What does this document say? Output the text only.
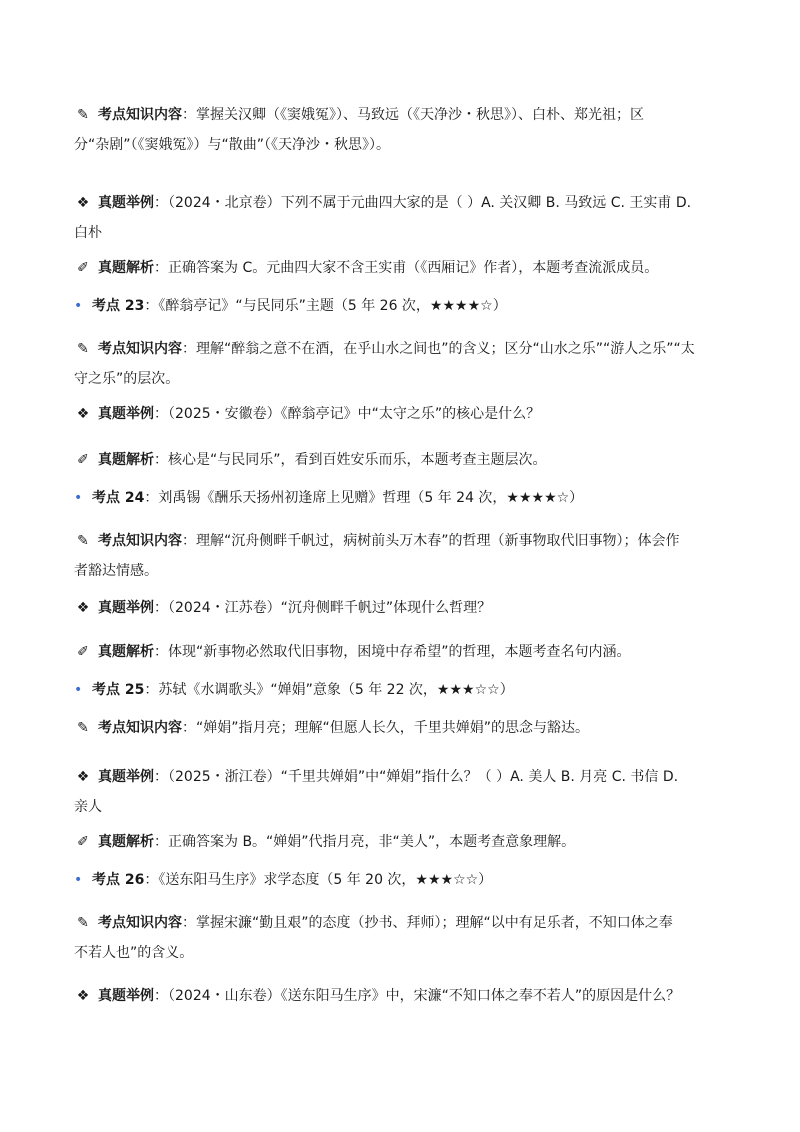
✎ 考点知识内容：掌握关汉卿（《窦娥冤》）、马致远（《天净沙・秋思》）、白朴、郑光祖；区
分“杂剧”（《窦娥冤》）与“散曲”（《天净沙・秋思》）。
❖ 真题举例：（2024・北京卷）下列不属于元曲四大家的是（ ）A. 关汉卿 B. 马致远 C. 王实甫 D.
白朴
✐ 真题解析：正确答案为 C。元曲四大家不含王实甫（《西厢记》作者），本题考查流派成员。
• 考点 23：《醉翁亭记》“与民同乐”主题（5 年 26 次，★★★★☆）
✎ 考点知识内容：理解“醉翁之意不在酒，在乎山水之间也”的含义；区分“山水之乐”“游人之乐”“太
守之乐”的层次。
❖ 真题举例：（2025・安徽卷）《醉翁亭记》中“太守之乐”的核心是什么？
✐ 真题解析：核心是“与民同乐”，看到百姓安乐而乐，本题考查主题层次。
• 考点 24：刘禹锡《酬乐天扬州初逢席上见赠》哲理（5 年 24 次，★★★★☆）
✎ 考点知识内容：理解“沉舟侧畔千帆过，病树前头万木春”的哲理（新事物取代旧事物）；体会作
者豁达情感。
❖ 真题举例：（2024・江苏卷）“沉舟侧畔千帆过”体现什么哲理？
✐ 真题解析：体现“新事物必然取代旧事物，困境中存希望”的哲理，本题考查名句内涵。
• 考点 25：苏轼《水调歌头》“婵娟”意象（5 年 22 次，★★★☆☆）
✎ 考点知识内容：“婵娟”指月亮；理解“但愿人长久，千里共婵娟”的思念与豁达。
❖ 真题举例：（2025・浙江卷）“千里共婵娟”中“婵娟”指什么？（ ）A. 美人 B. 月亮 C. 书信 D.
亲人
✐ 真题解析：正确答案为 B。“婵娟”代指月亮，非“美人”，本题考查意象理解。
• 考点 26：《送东阳马生序》求学态度（5 年 20 次，★★★☆☆）
✎ 考点知识内容：掌握宋濂“勤且艰”的态度（抄书、拜师）；理解“以中有足乐者，不知口体之奉
不若人也”的含义。
❖ 真题举例：（2024・山东卷）《送东阳马生序》中，宋濂“不知口体之奉不若人”的原因是什么？
